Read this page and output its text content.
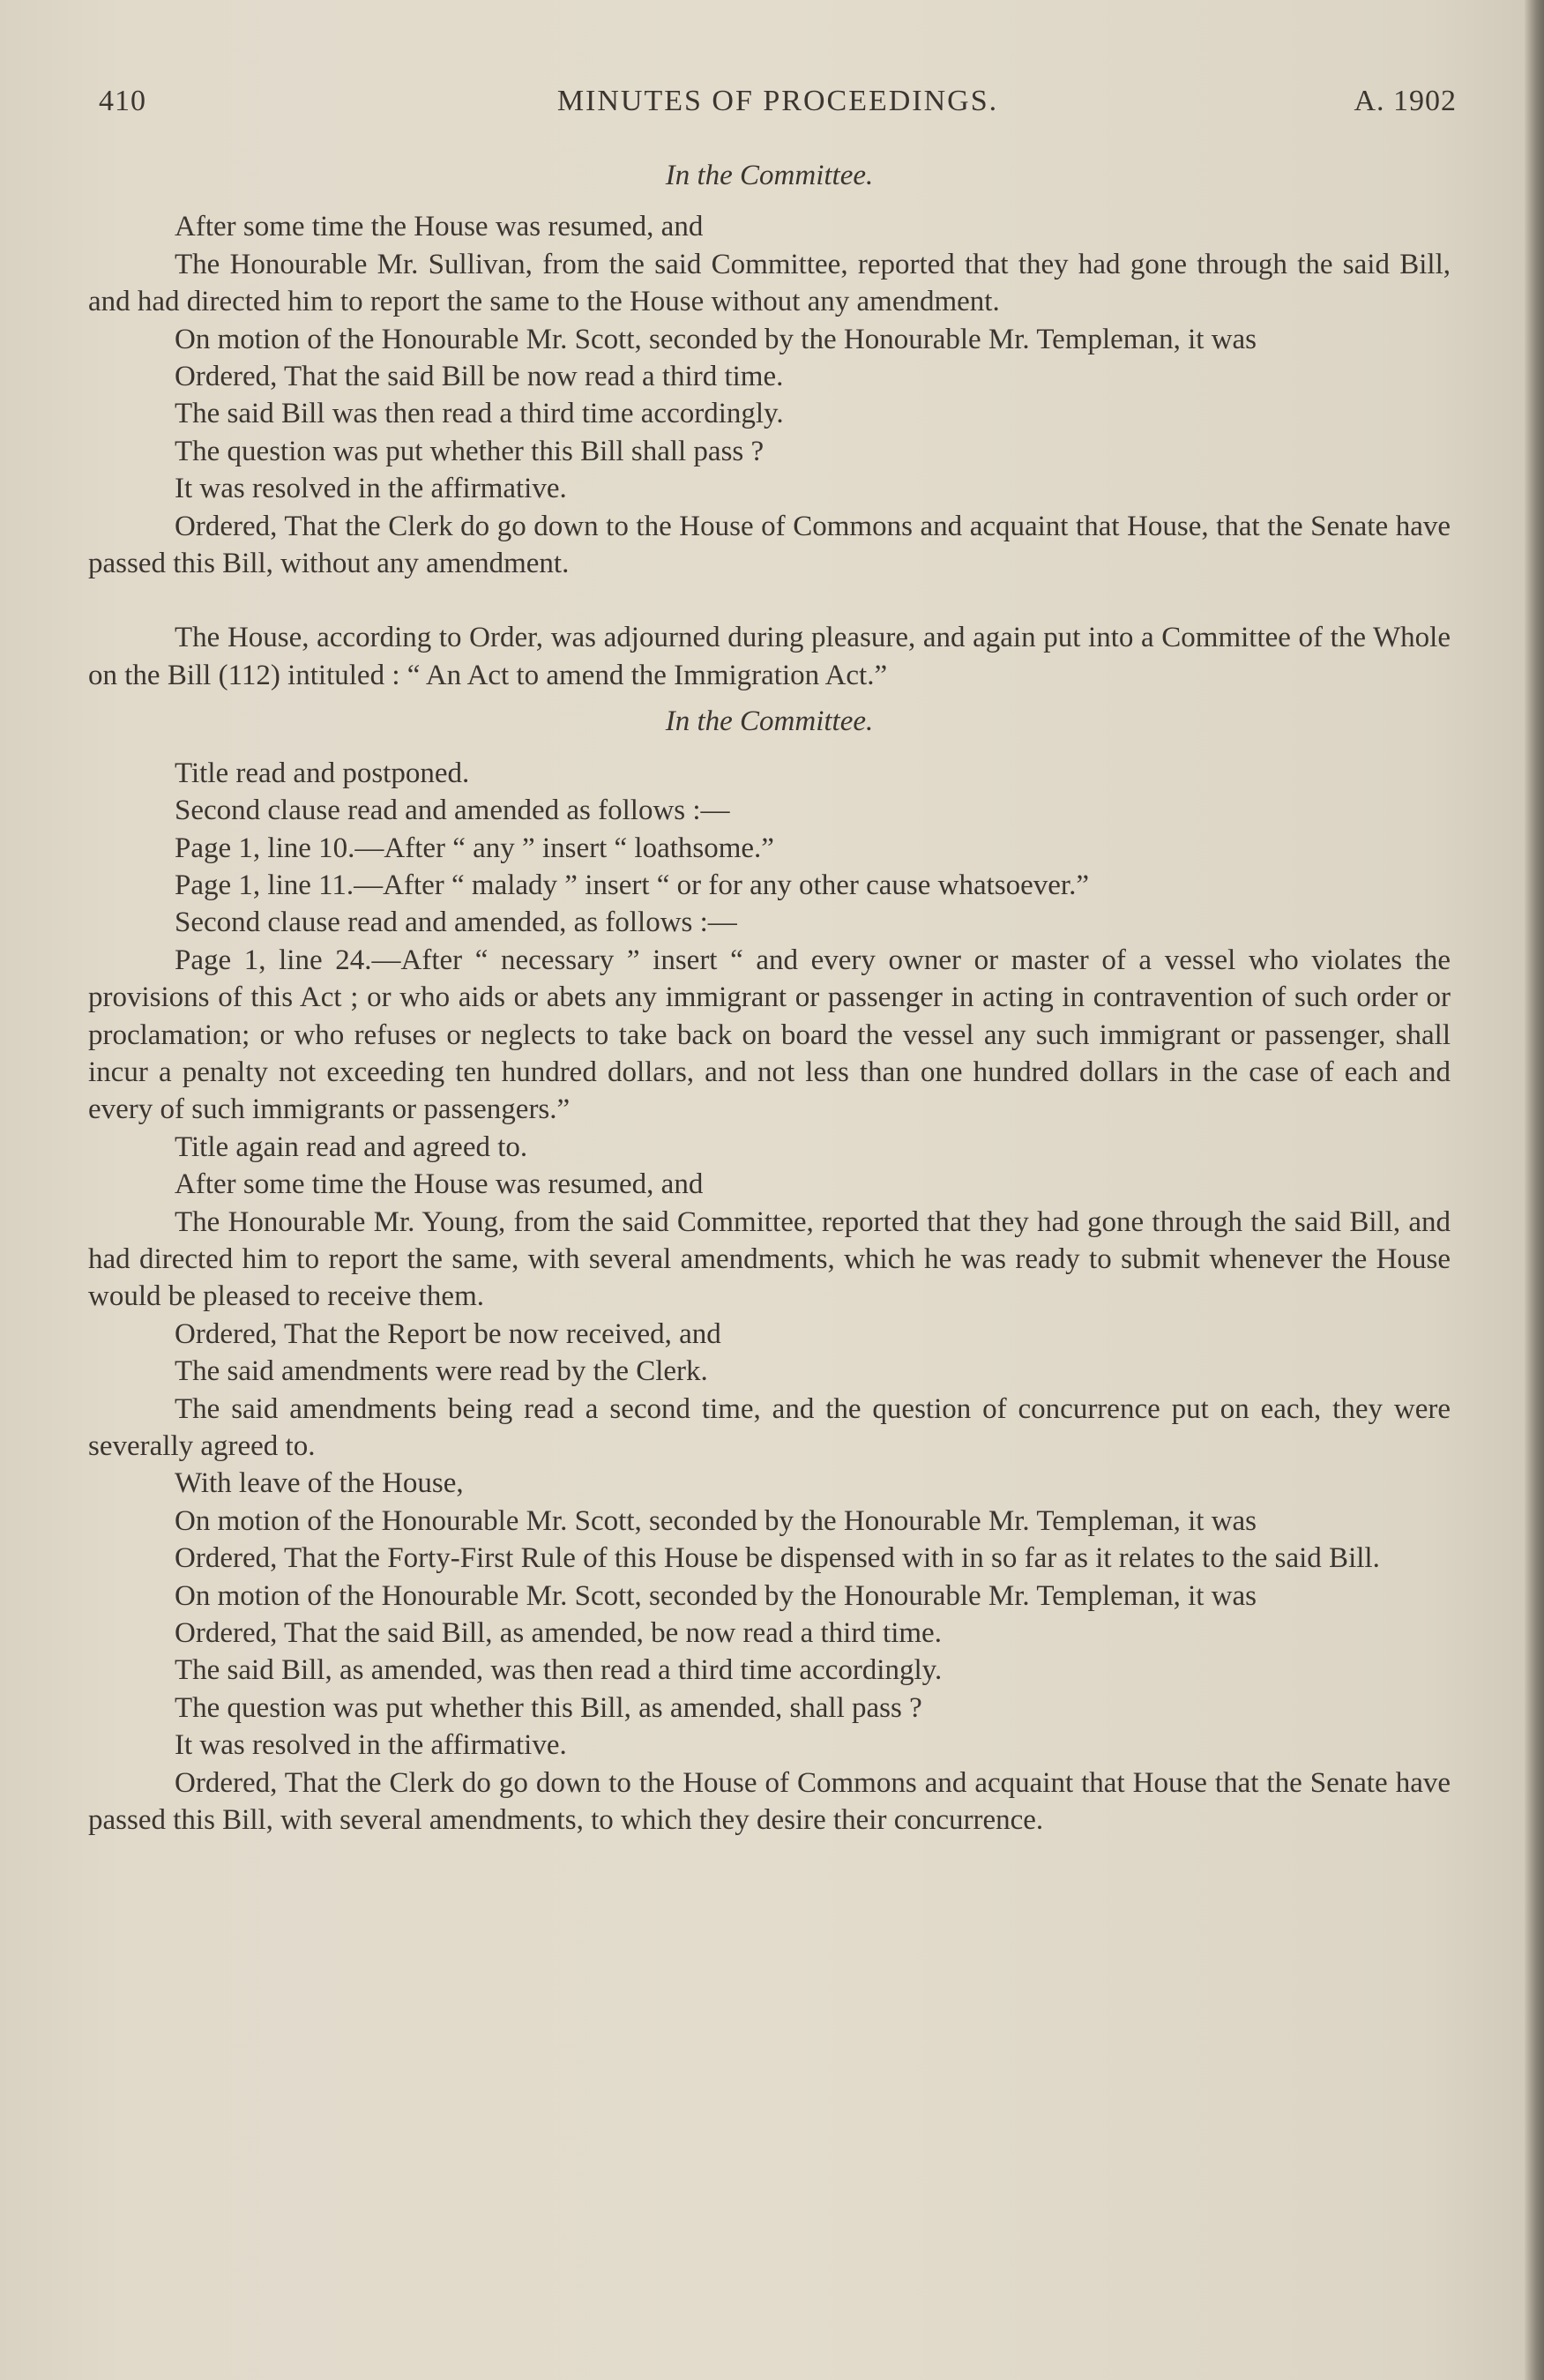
410	MINUTES OF PROCEEDINGS.	A. 1902

In the Committee.

After some time the House was resumed, and

The Honourable Mr. Sullivan, from the said Committee, reported that they had gone through the said Bill, and had directed him to report the same to the House without any amendment.

On motion of the Honourable Mr. Scott, seconded by the Honourable Mr. Templeman, it was

Ordered, That the said Bill be now read a third time.

The said Bill was then read a third time accordingly.

The question was put whether this Bill shall pass ?

It was resolved in the affirmative.

Ordered, That the Clerk do go down to the House of Commons and acquaint that House, that the Senate have passed this Bill, without any amendment.

The House, according to Order, was adjourned during pleasure, and again put into a Committee of the Whole on the Bill (112) intituled : “ An Act to amend the Immigration Act.”

In the Committee.

Title read and postponed.

Second clause read and amended as follows :—

Page 1, line 10.—After “ any ” insert “ loathsome.”

Page 1, line 11.—After “ malady ” insert “ or for any other cause whatsoever.”

Second clause read and amended, as follows :—

Page 1, line 24.—After “ necessary ” insert “ and every owner or master of a vessel who violates the provisions of this Act ; or who aids or abets any immigrant or passenger in acting in contravention of such order or proclamation; or who refuses or neglects to take back on board the vessel any such immigrant or passenger, shall incur a penalty not exceeding ten hundred dollars, and not less than one hundred dollars in the case of each and every of such immigrants or passengers.”

Title again read and agreed to.

After some time the House was resumed, and

The Honourable Mr. Young, from the said Committee, reported that they had gone through the said Bill, and had directed him to report the same, with several amendments, which he was ready to submit whenever the House would be pleased to receive them.

Ordered, That the Report be now received, and

The said amendments were read by the Clerk.

The said amendments being read a second time, and the question of concurrence put on each, they were severally agreed to.

With leave of the House,

On motion of the Honourable Mr. Scott, seconded by the Honourable Mr. Templeman, it was

Ordered, That the Forty-First Rule of this House be dispensed with in so far as it relates to the said Bill.

On motion of the Honourable Mr. Scott, seconded by the Honourable Mr. Templeman, it was

Ordered, That the said Bill, as amended, be now read a third time.

The said Bill, as amended, was then read a third time accordingly.

The question was put whether this Bill, as amended, shall pass ?

It was resolved in the affirmative.

Ordered, That the Clerk do go down to the House of Commons and acquaint that House that the Senate have passed this Bill, with several amendments, to which they desire their concurrence.
